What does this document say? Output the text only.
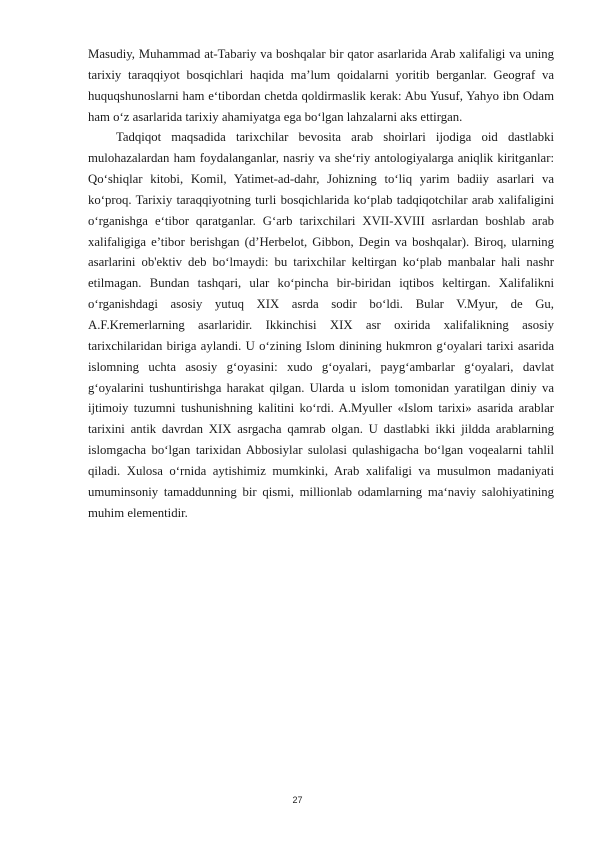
Masudiy, Muhammad at-Tabariy va boshqalar bir qator asarlarida Arab xalifaligi va uning tarixiy taraqqiyot bosqichlari haqida ma’lum qoidalarni yoritib berganlar. Geograf va huquqshunoslarni ham e‘tibordan chetda qoldirmaslik kerak: Abu Yusuf, Yahyo ibn Odam ham o‘z asarlarida tarixiy ahamiyatga ega bo‘lgan lahzalarni aks ettirgan.

Tadqiqot maqsadida tarixchilar bevosita arab shoirlari ijodiga oid dastlabki mulohazalardan ham foydalanganlar, nasriy va she‘riy antologiyalarga aniqlik kiritganlar: Qo‘shiqlar kitobi, Komil, Yatimet-ad-dahr, Johizning to‘liq yarim badiiy asarlari va ko‘proq. Tarixiy taraqqiyotning turli bosqichlarida ko‘plab tadqiqotchilar arab xalifaligini o‘rganishga e‘tibor qaratganlar. G‘arb tarixchilari XVII-XVIII asrlardan boshlab arab xalifaligiga e’tibor berishgan (d’Herbelot, Gibbon, Degin va boshqalar). Biroq, ularning asarlarini ob'ektiv deb bo‘lmaydi: bu tarixchilar keltirgan ko‘plab manbalar hali nashr etilmagan. Bundan tashqari, ular ko‘pincha bir-biridan iqtibos keltirgan. Xalifalikni o‘rganishdagi asosiy yutuq XIX asrda sodir bo‘ldi. Bular V.Myur, de Gu, A.F.Kremerlarning asarlaridir. Ikkinchisi XIX asr oxirida xalifalikning asosiy tarixchilaridan biriga aylandi. U o‘zining Islom dinining hukmron g‘oyalari tarixi asarida islomning uchta asosiy g‘oyasini: xudo g‘oyalari, payg‘ambarlar g‘oyalari, davlat g‘oyalarini tushuntirishga harakat qilgan. Ularda u islom tomonidan yaratilgan diniy va ijtimoiy tuzumni tushunishning kalitini ko‘rdi. A.Myuller «Islom tarixi» asarida arablar tarixini antik davrdan XIX asrgacha qamrab olgan. U dastlabki ikki jildda arablarning islomgacha bo‘lgan tarixidan Abbosiylar sulolasi qulashigacha bo‘lgan voqealarni tahlil qiladi. Xulosa o‘rnida aytishimiz mumkinki, Arab xalifaligi va musulmon madaniyati umuminsoniy tamaddunning bir qismi, millionlab odamlarning ma‘naviy salohiyatining muhim elementidir.

27
